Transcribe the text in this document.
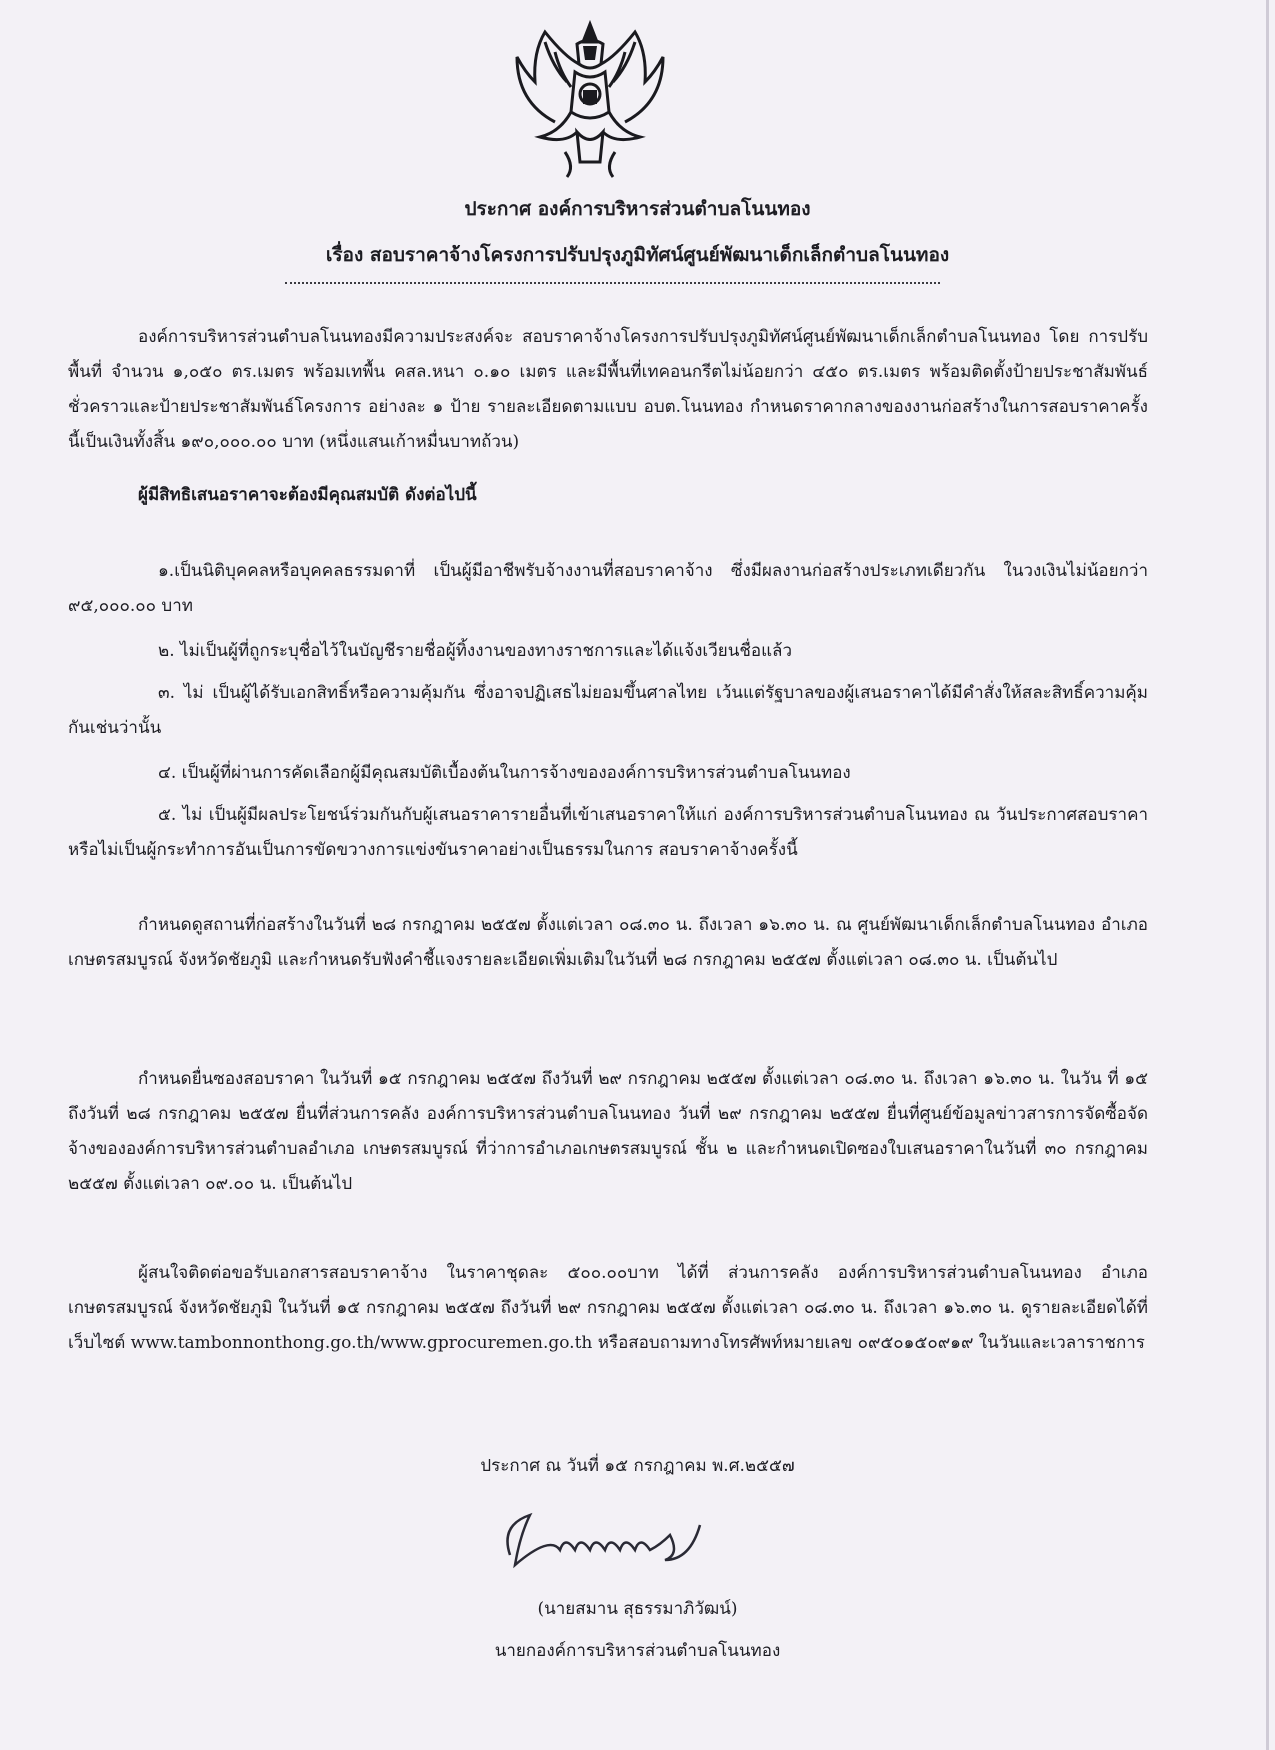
ประกาศ องค์การบริหารส่วนตำบลโนนทอง
เรื่อง สอบราคาจ้างโครงการปรับปรุงภูมิทัศน์ศูนย์พัฒนาเด็กเล็กตำบลโนนทอง

องค์การบริหารส่วนตำบลโนนทองมีความประสงค์จะ สอบราคาจ้างโครงการปรับปรุงภูมิทัศน์ศูนย์พัฒนาเด็กเล็กตำบลโนนทอง โดย การปรับพื้นที่ จำนวน ๑,๐๕๐ ตร.เมตร พร้อมเทพื้น คสล.หนา ๐.๑๐ เมตร และมีพื้นที่เทคอนกรีตไม่น้อยกว่า ๔๕๐ ตร.เมตร พร้อมติดตั้งป้ายประชาสัมพันธ์ชั่วคราวและป้ายประชาสัมพันธ์โครงการ อย่างละ ๑ ป้าย รายละเอียดตามแบบ อบต.โนนทอง กำหนดราคากลางของงานก่อสร้างในการสอบราคาครั้งนี้เป็นเงินทั้งสิ้น ๑๙๐,๐๐๐.๐๐ บาท (หนึ่งแสนเก้าหมื่นบาทถ้วน)

ผู้มีสิทธิเสนอราคาจะต้องมีคุณสมบัติ ดังต่อไปนี้

๑.เป็นนิติบุคคลหรือบุคคลธรรมดาที่ เป็นผู้มีอาชีพรับจ้างงานที่สอบราคาจ้าง ซึ่งมีผลงานก่อสร้างประเภทเดียวกัน ในวงเงินไม่น้อยกว่า ๙๕,๐๐๐.๐๐ บาท

๒. ไม่เป็นผู้ที่ถูกระบุชื่อไว้ในบัญชีรายชื่อผู้ทิ้งงานของทางราชการและได้แจ้งเวียนชื่อแล้ว

๓. ไม่ เป็นผู้ได้รับเอกสิทธิ์หรือความคุ้มกัน ซึ่งอาจปฏิเสธไม่ยอมขึ้นศาลไทย เว้นแต่รัฐบาลของผู้เสนอราคาได้มีคำสั่งให้สละสิทธิ์ความคุ้มกันเช่นว่านั้น

๔. เป็นผู้ที่ผ่านการคัดเลือกผู้มีคุณสมบัติเบื้องต้นในการจ้างขององค์การบริหารส่วนตำบลโนนทอง

๕. ไม่ เป็นผู้มีผลประโยชน์ร่วมกันกับผู้เสนอราคารายอื่นที่เข้าเสนอราคาให้แก่ องค์การบริหารส่วนตำบลโนนทอง ณ วันประกาศสอบราคา หรือไม่เป็นผู้กระทำการอันเป็นการขัดขวางการแข่งขันราคาอย่างเป็นธรรมในการ สอบราคาจ้างครั้งนี้

กำหนดดูสถานที่ก่อสร้างในวันที่ ๒๘ กรกฎาคม ๒๕๕๗ ตั้งแต่เวลา ๐๘.๓๐ น. ถึงเวลา ๑๖.๓๐ น. ณ ศูนย์พัฒนาเด็กเล็กตำบลโนนทอง อำเภอเกษตรสมบูรณ์ จังหวัดชัยภูมิ และกำหนดรับฟังคำชี้แจงรายละเอียดเพิ่มเติมในวันที่ ๒๘ กรกฎาคม ๒๕๕๗ ตั้งแต่เวลา ๐๘.๓๐ น. เป็นต้นไป

กำหนดยื่นซองสอบราคา ในวันที่ ๑๕ กรกฎาคม ๒๕๕๗ ถึงวันที่ ๒๙ กรกฎาคม ๒๕๕๗ ตั้งแต่เวลา ๐๘.๓๐ น. ถึงเวลา ๑๖.๓๐ น. ในวัน ที่ ๑๕ ถึงวันที่ ๒๘ กรกฎาคม ๒๕๕๗ ยื่นที่ส่วนการคลัง องค์การบริหารส่วนตำบลโนนทอง วันที่ ๒๙ กรกฎาคม ๒๕๕๗ ยื่นที่ศูนย์ข้อมูลข่าวสารการจัดซื้อจัดจ้างขององค์การบริหารส่วนตำบลอำเภอ เกษตรสมบูรณ์ ที่ว่าการอำเภอเกษตรสมบูรณ์ ชั้น ๒ และกำหนดเปิดซองใบเสนอราคาในวันที่ ๓๐ กรกฎาคม ๒๕๕๗ ตั้งแต่เวลา ๐๙.๐๐ น. เป็นต้นไป

ผู้สนใจติดต่อขอรับเอกสารสอบราคาจ้าง ในราคาชุดละ ๕๐๐.๐๐บาท ได้ที่ ส่วนการคลัง องค์การบริหารส่วนตำบลโนนทอง อำเภอเกษตรสมบูรณ์ จังหวัดชัยภูมิ ในวันที่ ๑๕ กรกฎาคม ๒๕๕๗ ถึงวันที่ ๒๙ กรกฎาคม ๒๕๕๗ ตั้งแต่เวลา ๐๘.๓๐ น. ถึงเวลา ๑๖.๓๐ น. ดูรายละเอียดได้ที่เว็บไซต์ www.tambonnonthong.go.th/www.gprocuremen.go.th หรือสอบถามทางโทรศัพท์หมายเลข ๐๙๕๐๑๕๐๙๑๙ ในวันและเวลาราชการ

ประกาศ ณ วันที่ ๑๕ กรกฎาคม พ.ศ.๒๕๕๗
(นายสมาน สุธรรมาภิวัฒน์)
นายกองค์การบริหารส่วนตำบลโนนทอง
